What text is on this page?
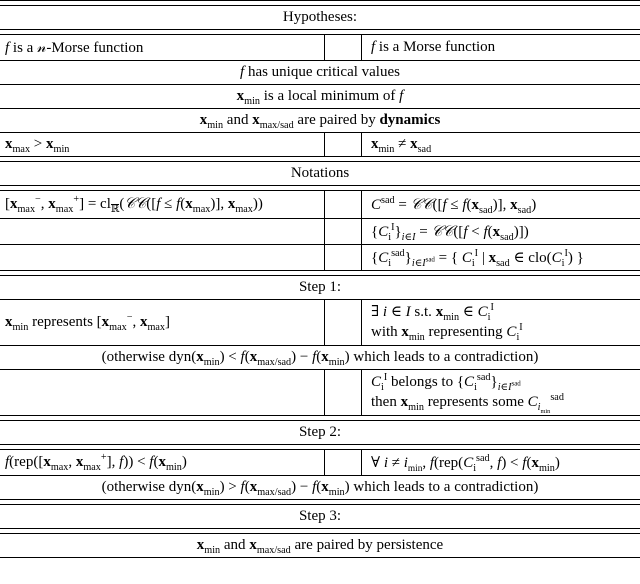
Hypotheses:		

f is a 𝓃-Morse function				f is a Morse function

f has unique critical values		

$x_{min}$ is a local minimum of f		

$x_{min}$ and $x_{max/sad}$ are paired by dynamics		

$x_{max} > x_{min}$				$x_{min} \ne x_{sad}$

Notations		

[$x_{max}^-$, $x_{max}^+$] = $cl_ℝ(𝒞𝒞([f \le f(x_{max})]$, $x_{max}$))				$C^{sad}$ = 𝒞𝒞([f ≤ $f(x_{sad})$], $x_{sad}$)

				$\{C_i^I\}_{i\in I}$ = 𝒞𝒞([f < $f(x_{sad})$])

				$\{C_i^{sad}\}_{i\in I^{sad}}$ = { $C_i^I$ | $x_{sad}$ ∈ $clo(C_i^I)$ }

Step 1:		

$x_{min}$ represents [$x_{max}^-$, $x_{max}$]				∃ i ∈ I s.t. $x_{min}$ ∈ $C_i^I$
with $x_{min}$ representing $C_i^I$

(otherwise $dyn(x_{min}) < f(x_{max/sad}) - f(x_{min})$ which leads to a contradiction)		

				$C_i^I$ belongs to $\{C_i^{sad}\}_{i\in I^{sad}}$
then $x_{min}$ represents some $C_{i_{min}}^{sad}$

Step 2:		

$f(rep([x_{max}$, $x_{max}^+$], $f)) < f(x_{min})$				∀ $i \ne i_{min}$, $f(rep(C_i^{sad}$, $f) < f(x_{min})$

(otherwise $dyn(x_{min}) > f(x_{max/sad}) - f(x_{min})$ which leads to a contradiction)		

Step 3:		

$x_{min}$ and $x_{max/sad}$ are paired by persistence		
